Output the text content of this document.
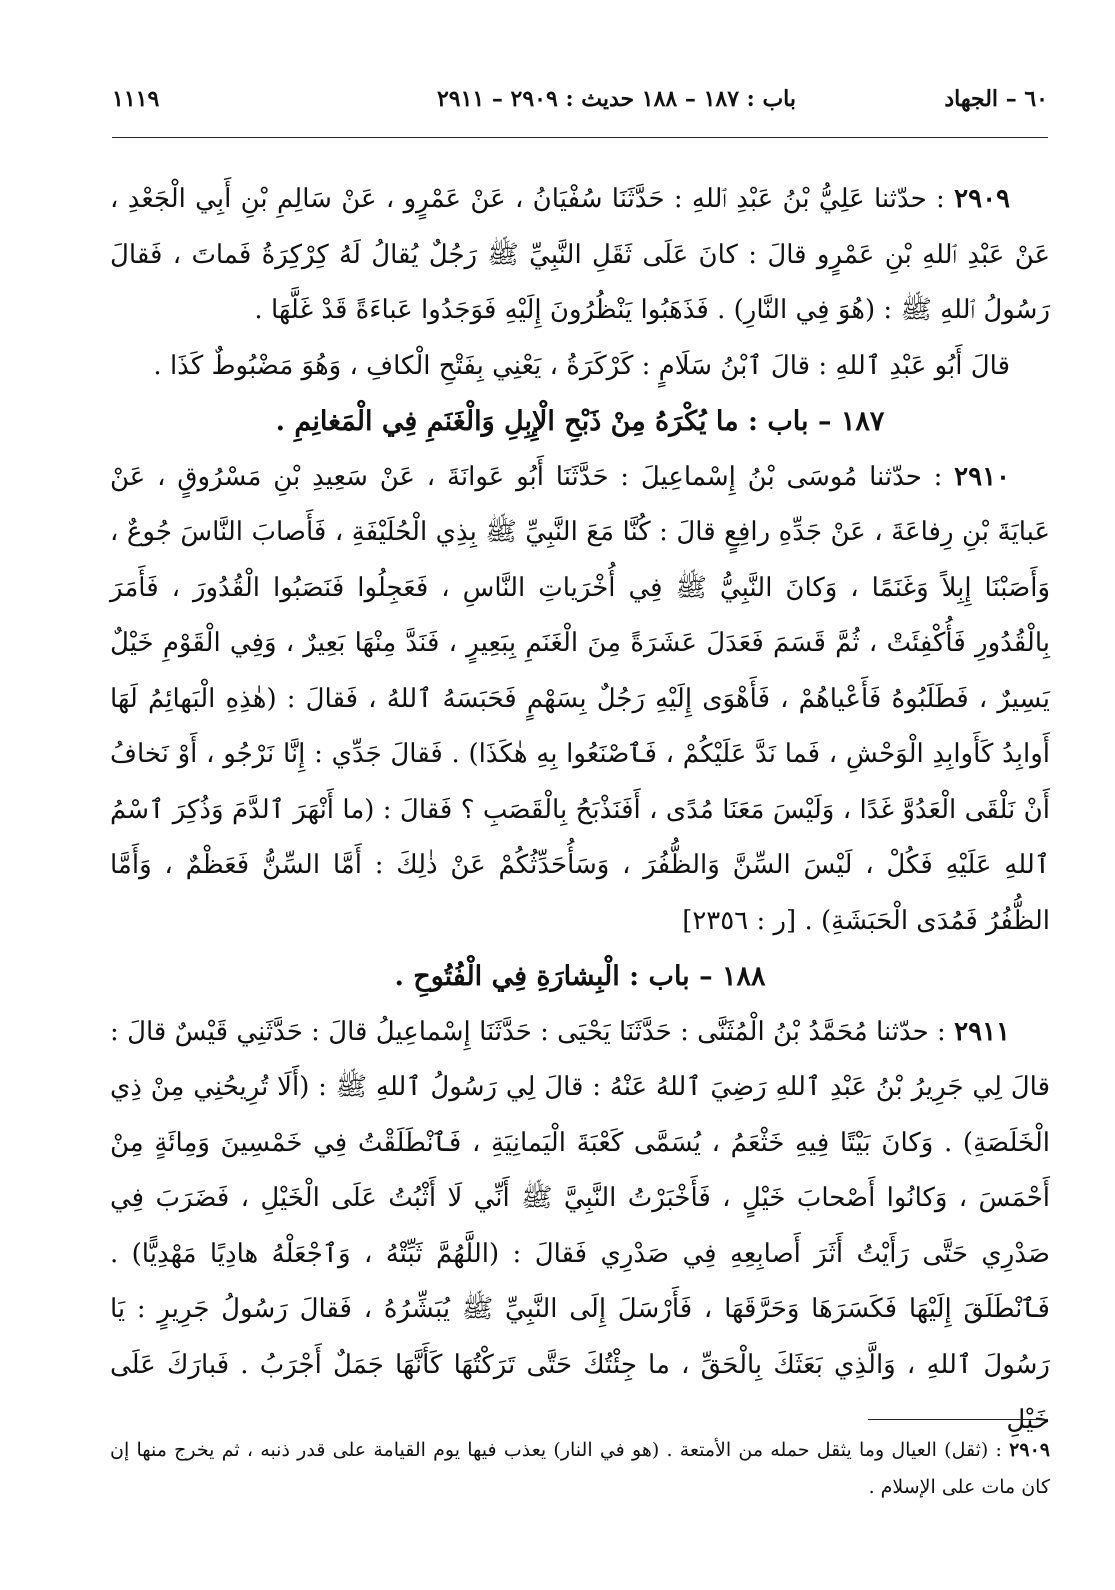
٦٠ – الجهاد
باب : ١٨٧ – ١٨٨ حديث : ٢٩٠٩ – ٢٩١١
١١١٩

٢٩٠٩ : حدّثنا عَلِيُّ بْنُ عَبْدِ ٱللهِ : حَدَّثَنَا سُفْيَانُ ، عَنْ عَمْرٍو ، عَنْ سَالِمِ بْنِ أَبِي الْجَعْدِ ، عَنْ عَبْدِ ٱللهِ بْنِ عَمْرٍو قالَ : كانَ عَلَى ثَقَلِ النَّبِيِّ ﷺ رَجُلٌ يُقالُ لَهُ كِرْكِرَةُ فَماتَ ، فَقالَ رَسُولُ ٱللهِ ﷺ : (هُوَ فِي النَّارِ) . فَذَهَبُوا يَنْظُرُونَ إِلَيْهِ فَوَجَدُوا عَباءَةً قَدْ غَلَّهَا .

قالَ أَبُو عَبْدِ ٱللهِ : قالَ ٱبْنُ سَلَامٍ : كَرْكَرَةُ ، يَعْنِي بِفَتْحِ الْكافِ ، وَهُوَ مَضْبُوطٌ كَذَا .

١٨٧ – باب : ما يُكْرَهُ مِنْ ذَبْحِ الْإِبِلِ وَالْغَنَمِ فِي الْمَغانِمِ .

٢٩١٠ : حدّثنا مُوسَى بْنُ إِسْماعِيلَ : حَدَّثَنَا أَبُو عَوانَةَ ، عَنْ سَعِيدِ بْنِ مَسْرُوقٍ ، عَنْ عَبايَةَ بْنِ رِفاعَةَ ، عَنْ جَدِّهِ رافِعٍ قالَ : كُنَّا مَعَ النَّبِيِّ ﷺ بِذِي الْحُلَيْفَةِ ، فَأَصابَ النَّاسَ جُوعٌ ، وَأَصَبْنَا إِبِلاً وَغَنَمًا ، وَكانَ النَّبِيُّ ﷺ فِي أُخْرَياتِ النَّاسِ ، فَعَجِلُوا فَنَصَبُوا الْقُدُورَ ، فَأَمَرَ بِالْقُدُورِ فَأُكْفِئَتْ ، ثُمَّ قَسَمَ فَعَدَلَ عَشَرَةً مِنَ الْغَنَمِ بِبَعِيرٍ ، فَنَدَّ مِنْهَا بَعِيرٌ ، وَفِي الْقَوْمِ خَيْلٌ يَسِيرٌ ، فَطَلَبُوهُ فَأَعْياهُمْ ، فَأَهْوَى إِلَيْهِ رَجُلٌ بِسَهْمٍ فَحَبَسَهُ ٱللهُ ، فَقالَ : (هٰذِهِ الْبَهائِمُ لَهَا أَوابِدُ كَأَوابِدِ الْوَحْشِ ، فَما نَدَّ عَلَيْكُمْ ، فَٱصْنَعُوا بِهِ هٰكَذَا) . فَقالَ جَدِّي : إِنَّا نَرْجُو ، أَوْ نَخافُ أَنْ نَلْقَى الْعَدُوَّ غَدًا ، وَلَيْسَ مَعَنَا مُدًى ، أَفَنَذْبَحُ بِالْقَصَبِ ؟ فَقالَ : (ما أَنْهَرَ ٱلدَّمَ وَذُكِرَ ٱسْمُ ٱللهِ عَلَيْهِ فَكُلْ ، لَيْسَ السِّنَّ وَالظُّفُرَ ، وَسَأُحَدِّثُكُمْ عَنْ ذٰلِكَ : أَمَّا السِّنُّ فَعَظْمٌ ، وَأَمَّا الظُّفُرُ فَمُدَى الْحَبَشَةِ) . [ر : ٢٣٥٦]

١٨٨ – باب : الْبِشارَةِ فِي الْفُتُوحِ .

٢٩١١ : حدّثنا مُحَمَّدُ بْنُ الْمُثَنَّى : حَدَّثَنَا يَحْيَى : حَدَّثَنَا إِسْماعِيلُ قالَ : حَدَّثَنِي قَيْسٌ قالَ : قالَ لِي جَرِيرُ بْنُ عَبْدِ ٱللهِ رَضِيَ ٱللهُ عَنْهُ : قالَ لِي رَسُولُ ٱللهِ ﷺ : (أَلَا تُرِيحُنِي مِنْ ذِي الْخَلَصَةِ) . وَكانَ بَيْتًا فِيهِ خَثْعَمُ ، يُسَمَّى كَعْبَةَ الْيَمانِيَةِ ، فَٱنْطَلَقْتُ فِي خَمْسِينَ وَمِائَةٍ مِنْ أَحْمَسَ ، وَكانُوا أَصْحابَ خَيْلٍ ، فَأَخْبَرْتُ النَّبِيَّ ﷺ أَنِّي لَا أَثْبُتُ عَلَى الْخَيْلِ ، فَضَرَبَ فِي صَدْرِي حَتَّى رَأَيْتُ أَثَرَ أَصابِعِهِ فِي صَدْرِي فَقالَ : (اللَّهُمَّ ثَبِّتْهُ ، وَٱجْعَلْهُ هادِيًا مَهْدِيًّا) . فَٱنْطَلَقَ إِلَيْهَا فَكَسَرَهَا وَحَرَّقَهَا ، فَأَرْسَلَ إِلَى النَّبِيِّ ﷺ يُبَشِّرُهُ ، فَقالَ رَسُولُ جَرِيرٍ : يَا رَسُولَ ٱللهِ ، وَالَّذِي بَعَثَكَ بِالْحَقِّ ، ما جِئْتُكَ حَتَّى تَرَكْتُهَا كَأَنَّهَا جَمَلٌ أَجْرَبُ . فَبارَكَ عَلَى خَيْلِ

٢٩٠٩ : (ثقل) العيال وما يثقل حمله من الأمتعة . (هو في النار) يعذب فيها يوم القيامة على قدر ذنبه ، ثم يخرج منها إن كان مات على الإسلام .
